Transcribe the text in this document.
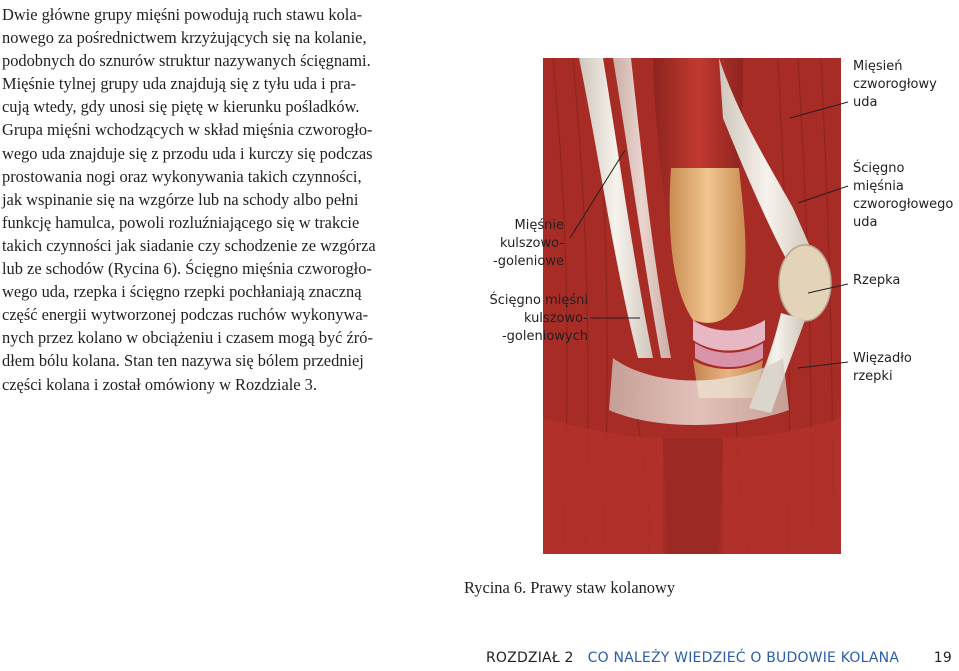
Dwie główne grupy mięśni powodują ruch stawu kola-
nowego za pośrednictwem krzyżujących się na kolanie,
podobnych do sznurów struktur nazywanych ścięgnami.
Mięśnie tylnej grupy uda znajdują się z tyłu uda i pra-
cują wtedy, gdy unosi się piętę w kierunku pośladków.
Grupa mięśni wchodzących w skład mięśnia czworogło-
wego uda znajduje się z przodu uda i kurczy się podczas
prostowania nogi oraz wykonywania takich czynności,
jak wspinanie się na wzgórze lub na schody albo pełni
funkcję hamulca, powoli rozluźniającego się w trakcie
takich czynności jak siadanie czy schodzenie ze wzgórza
lub ze schodów (Rycina 6). Ścięgno mięśnia czworogło-
wego uda, rzepka i ścięgno rzepki pochłaniają znaczną
część energii wytworzonej podczas ruchów wykonywa-
nych przez kolano w obciążeniu i czasem mogą być źró-
dłem bólu kolana. Stan ten nazywa się bólem przedniej
części kolana i został omówiony w Rozdziale 3.

Mięśnie
kulszowo-
-goleniowe
Ścięgno mięśni
kulszowo-
-goleniowych
Mięsień
czworogłowy
uda
Ścięgno mięśnia
czworogłowego
uda
Rzepka
Więzadło
rzepki

Rycina 6. Prawy staw kolanowy

ROZDZIAŁ 2 CO NALEŻY WIEDZIEĆ O BUDOWIE KOLANA 19
